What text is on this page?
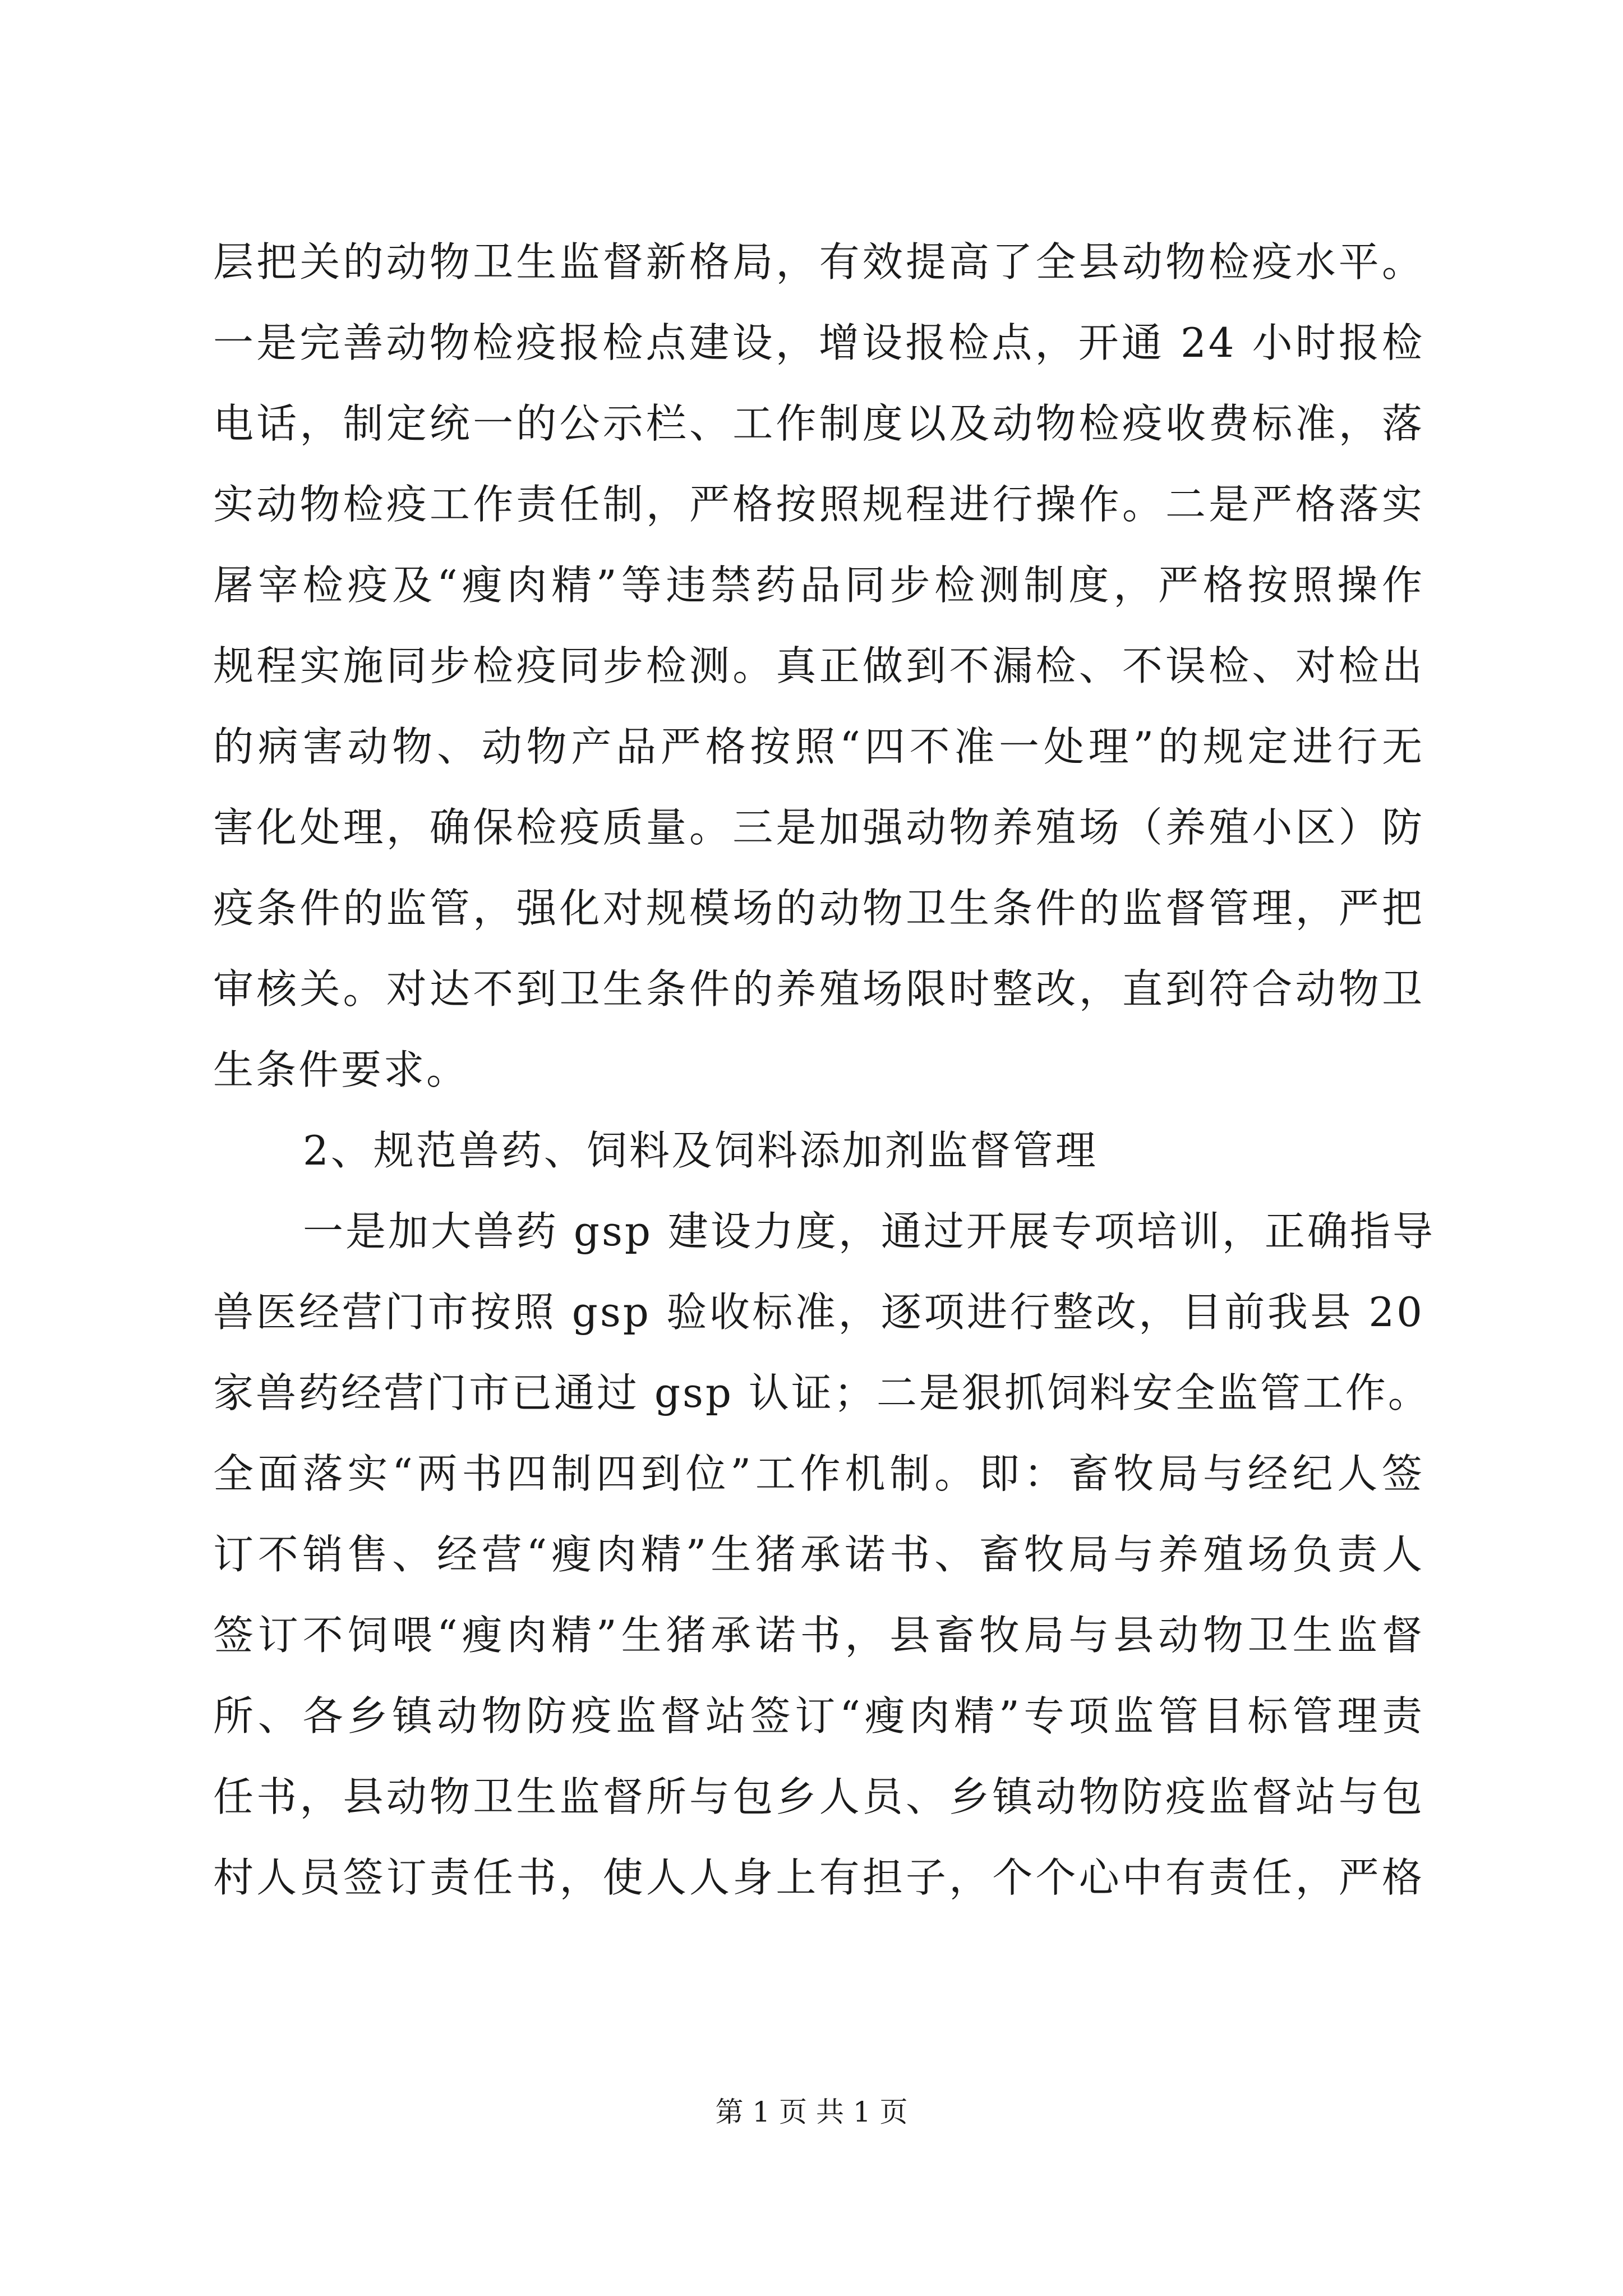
层把关的动物卫生监督新格局，有效提高了全县动物检疫水平。
一是完善动物检疫报检点建设，增设报检点，开通 24 小时报检
电话，制定统一的公示栏、工作制度以及动物检疫收费标准，落
实动物检疫工作责任制，严格按照规程进行操作。二是严格落实
屠宰检疫及“瘦肉精”等违禁药品同步检测制度，严格按照操作
规程实施同步检疫同步检测。真正做到不漏检、不误检、对检出
的病害动物、动物产品严格按照“四不准一处理”的规定进行无
害化处理，确保检疫质量。三是加强动物养殖场（养殖小区）防
疫条件的监管，强化对规模场的动物卫生条件的监督管理，严把
审核关。对达不到卫生条件的养殖场限时整改，直到符合动物卫
生条件要求。
2、规范兽药、饲料及饲料添加剂监督管理
一是加大兽药 gsp 建设力度，通过开展专项培训，正确指导
兽医经营门市按照 gsp 验收标准，逐项进行整改，目前我县 20
家兽药经营门市已通过 gsp 认证；二是狠抓饲料安全监管工作。
全面落实“两书四制四到位”工作机制。即：畜牧局与经纪人签
订不销售、经营“瘦肉精”生猪承诺书、畜牧局与养殖场负责人
签订不饲喂“瘦肉精”生猪承诺书，县畜牧局与县动物卫生监督
所、各乡镇动物防疫监督站签订“瘦肉精”专项监管目标管理责
任书，县动物卫生监督所与包乡人员、乡镇动物防疫监督站与包
村人员签订责任书，使人人身上有担子，个个心中有责任，严格
第 1 页 共 1 页
